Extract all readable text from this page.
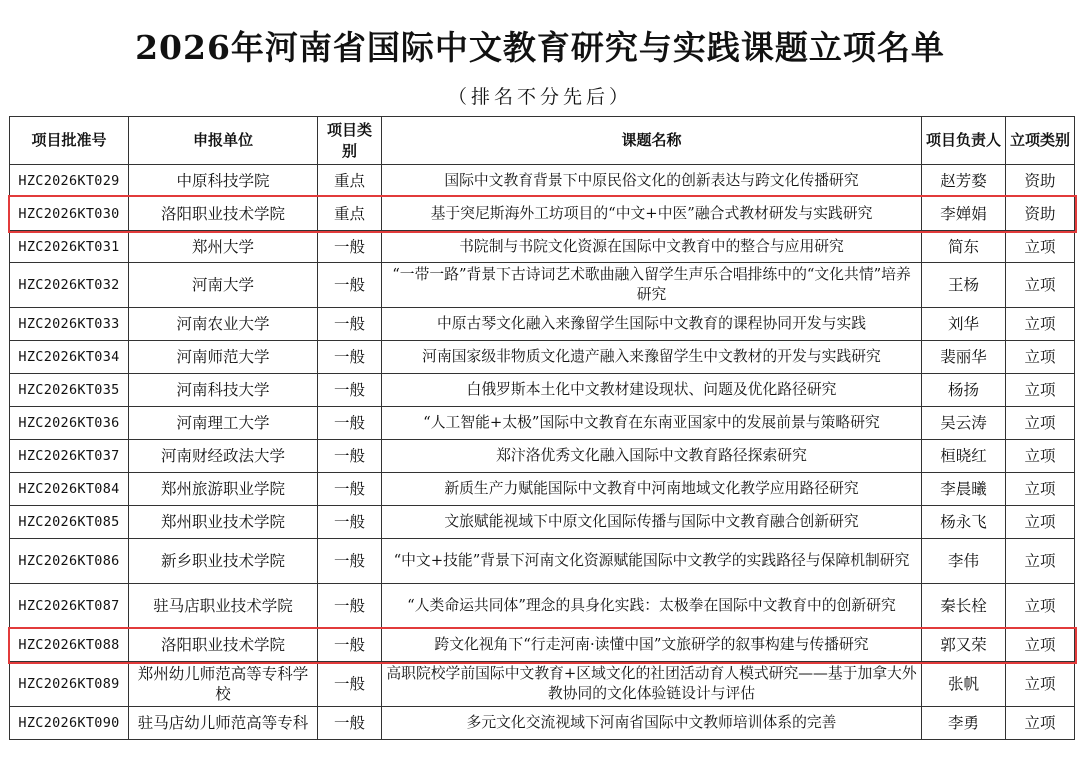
2026年河南省国际中文教育研究与实践课题立项名单
（排名不分先后）
项目批准号	申报单位	项目类别	课题名称	项目负责人	立项类别
HZC2026KT029	中原科技学院	重点	国际中文教育背景下中原民俗文化的创新表达与跨文化传播研究	赵芳婺	资助
HZC2026KT030	洛阳职业技术学院	重点	基于突尼斯海外工坊项目的“中文+中医”融合式教材研发与实践研究	李婵娟	资助
HZC2026KT031	郑州大学	一般	书院制与书院文化资源在国际中文教育中的整合与应用研究	简东	立项
HZC2026KT032	河南大学	一般	“一带一路”背景下古诗词艺术歌曲融入留学生声乐合唱排练中的“文化共情”培养研究	王杨	立项
HZC2026KT033	河南农业大学	一般	中原古琴文化融入来豫留学生国际中文教育的课程协同开发与实践	刘华	立项
HZC2026KT034	河南师范大学	一般	河南国家级非物质文化遗产融入来豫留学生中文教材的开发与实践研究	裴丽华	立项
HZC2026KT035	河南科技大学	一般	白俄罗斯本土化中文教材建设现状、问题及优化路径研究	杨扬	立项
HZC2026KT036	河南理工大学	一般	“人工智能+太极”国际中文教育在东南亚国家中的发展前景与策略研究	吴云涛	立项
HZC2026KT037	河南财经政法大学	一般	郑汴洛优秀文化融入国际中文教育路径探索研究	桓晓红	立项
HZC2026KT084	郑州旅游职业学院	一般	新质生产力赋能国际中文教育中河南地域文化教学应用路径研究	李晨曦	立项
HZC2026KT085	郑州职业技术学院	一般	文旅赋能视域下中原文化国际传播与国际中文教育融合创新研究	杨永飞	立项
HZC2026KT086	新乡职业技术学院	一般	“中文+技能”背景下河南文化资源赋能国际中文教学的实践路径与保障机制研究	李伟	立项
HZC2026KT087	驻马店职业技术学院	一般	“人类命运共同体”理念的具身化实践：太极拳在国际中文教育中的创新研究	秦长栓	立项
HZC2026KT088	洛阳职业技术学院	一般	跨文化视角下“行走河南·读懂中国”文旅研学的叙事构建与传播研究	郭又荣	立项
HZC2026KT089	郑州幼儿师范高等专科学校	一般	高职院校学前国际中文教育+区域文化的社团活动育人模式研究——基于加拿大外教协同的文化体验链设计与评估	张帆	立项
HZC2026KT090	驻马店幼儿师范高等专科	一般	多元文化交流视域下河南省国际中文教师培训体系的完善	李勇	立项
